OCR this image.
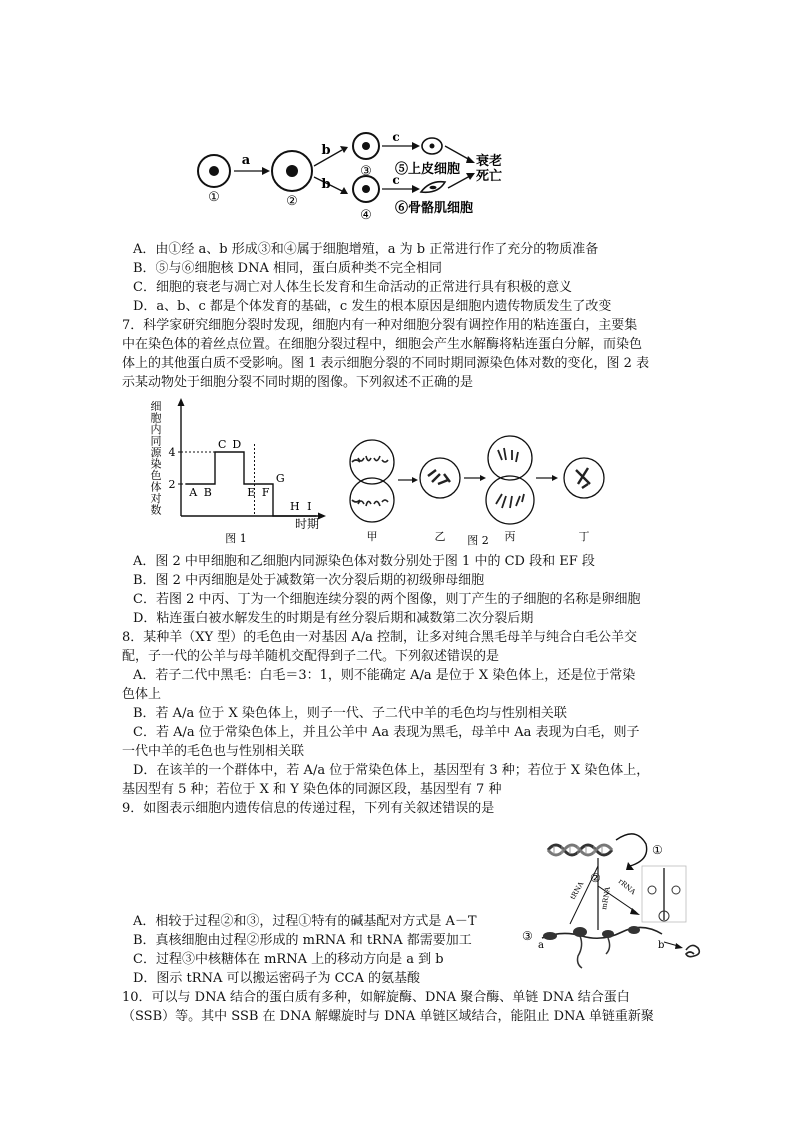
①
a
②
b
b
③
④
c
c
⑤上皮细胞
⑥骨骼肌细胞
衰老
死亡
A．由①经 a、b 形成③和④属于细胞增殖，a 为 b 正常进行作了充分的物质准备
B．⑤与⑥细胞核 DNA 相同，蛋白质种类不完全相同
C．细胞的衰老与凋亡对人体生长发育和生命活动的正常进行具有积极的意义
D．a、b、c 都是个体发育的基础，c 发生的根本原因是细胞内遗传物质发生了改变
7．科学家研究细胞分裂时发现，细胞内有一种对细胞分裂有调控作用的粘连蛋白，主要集
中在染色体的着丝点位置。在细胞分裂过程中，细胞会产生水解酶将粘连蛋白分解，而染色
体上的其他蛋白质不受影响。图 1 表示细胞分裂的不同时期同源染色体对数的变化，图 2 表
示某动物处于细胞分裂不同时期的图像。下列叙述不正确的是
细
胞
内
同
源
染
色
体
对
数
时期
2
4
A B
C D
E F
G
H I
图 1	甲	乙	丙	丁
图 2
A．图 2 中甲细胞和乙细胞内同源染色体对数分别处于图 1 中的 CD 段和 EF 段
B．图 2 中丙细胞是处于减数第一次分裂后期的初级卵母细胞
C．若图 2 中丙、丁为一个细胞连续分裂的两个图像，则丁产生的子细胞的名称是卵细胞
D．粘连蛋白被水解发生的时期是有丝分裂后期和减数第二次分裂后期
8．某种羊（XY 型）的毛色由一对基因 A/a 控制，让多对纯合黑毛母羊与纯合白毛公羊交
配，子一代的公羊与母羊随机交配得到子二代。下列叙述错误的是
A．若子二代中黑毛：白毛＝3：1，则不能确定 A/a 是位于 X 染色体上，还是位于常染
色体上
B．若 A/a 位于 X 染色体上，则子一代、子二代中羊的毛色均与性别相关联
C．若 A/a 位于常染色体上，并且公羊中 Aa 表现为黑毛，母羊中 Aa 表现为白毛，则子
一代中羊的毛色也与性别相关联
D．在该羊的一个群体中，若 A/a 位于常染色体上，基因型有 3 种；若位于 X 染色体上，
基因型有 5 种；若位于 X 和 Y 染色体的同源区段，基因型有 7 种
9．如图表示细胞内遗传信息的传递过程，下列有关叙述错误的是
①
②
tRNA mRNA rRNA
③
a	b
A．相较于过程②和③，过程①特有的碱基配对方式是 A－T
B．真核细胞由过程②形成的 mRNA 和 tRNA 都需要加工
C．过程③中核糖体在 mRNA 上的移动方向是 a 到 b
D．图示 tRNA 可以搬运密码子为 CCA 的氨基酸
10．可以与 DNA 结合的蛋白质有多种，如解旋酶、DNA 聚合酶、单链 DNA 结合蛋白
（SSB）等。其中 SSB 在 DNA 解螺旋时与 DNA 单链区域结合，能阻止 DNA 单链重新聚
